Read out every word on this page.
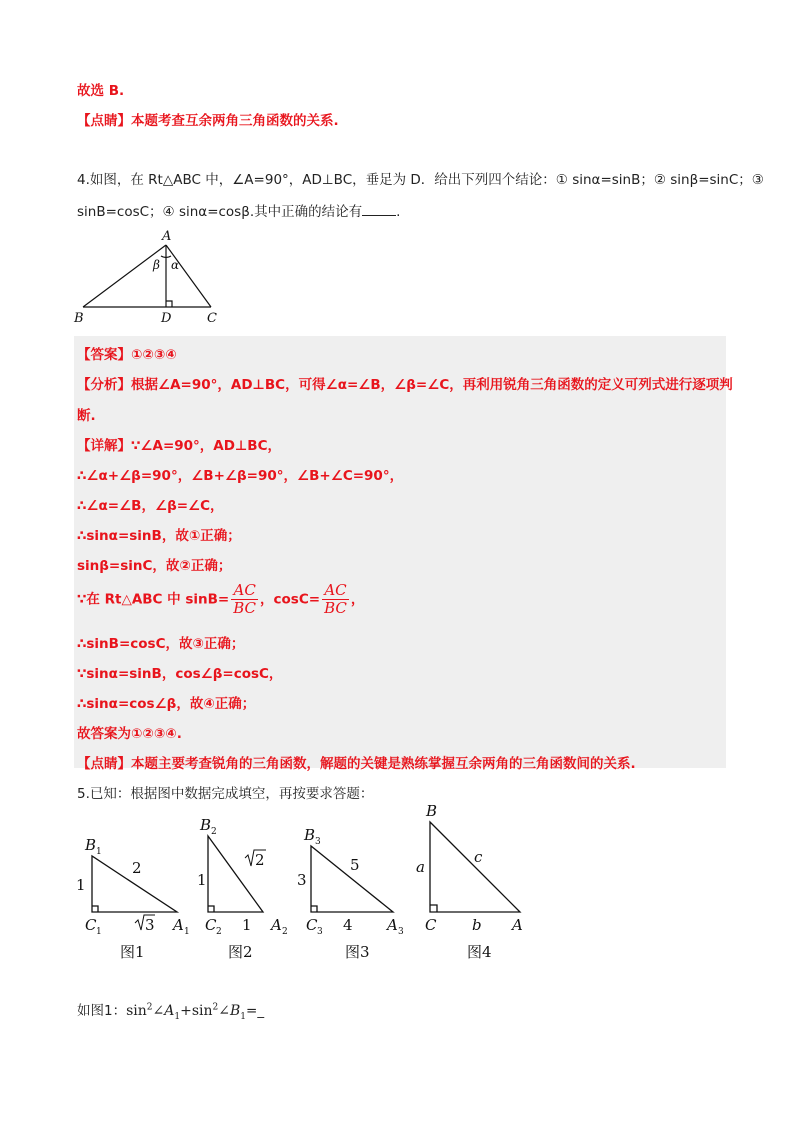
故选 B.
【点睛】本题考查互余两角三角函数的关系.
4.如图，在 Rt△ABC 中，∠A=90°，AD⊥BC，垂足为 D．给出下列四个结论：① sinα=sinB；② sinβ=sinC；③
sinB=cosC；④ sinα=cosβ.其中正确的结论有	.
A
B	D	C
α
β
【答案】①②③④
【分析】根据∠A=90°，AD⊥BC，可得∠α=∠B，∠β=∠C，再利用锐角三角函数的定义可列式进行逐项判
断.
【详解】∵∠A=90°，AD⊥BC，
∴∠α+∠β=90°，∠B+∠β=90°，∠B+∠C=90°，
∴∠α=∠B，∠β=∠C，
∴sinα=sinB，故①正确；
sinβ=sinC，故②正确；
∵在 Rt△ABC 中 $\sin B= \frac{AC}{BC}$ ，$\cos C= \frac{AC}{BC}$ ，
∴sinB=cosC，故③正确；
∵sinα=sinB，cos∠β=cosC，
∴sinα=cos∠β，故④正确；
故答案为①②③④.
【点睛】本题主要考查锐角的三角函数，解题的关键是熟练掌握互余两角的三角函数间的关系.
5.已知：根据图中数据完成填空，再按要求答题：
B 1
1
2
3
C 1	A 1
图1
B 2
1
2
1
C 2	A 2
图2
B 3
3
5
4
C 3	A 3
图3
B
a
c
b
C	A
图4
如图1：$\sin^2\angle A_1+\sin^2\angle B_1=\_$
